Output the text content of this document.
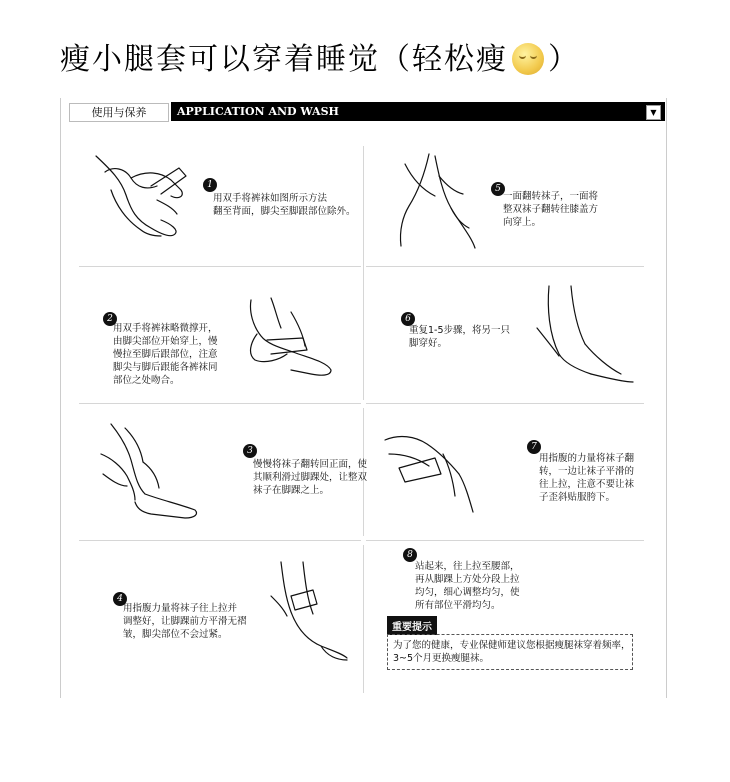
瘦小腿套可以穿着睡觉（轻松瘦 ）
使用与保养	APPLICATION AND WASH	▼
1
用双手将裤袜如图所示方法
翻至背面，脚尖至脚跟部位除外。
2
用双手将裤袜略微撑开，
由脚尖部位开始穿上，慢
慢拉至脚后跟部位，注意
脚尖与脚后跟能各裤袜同
部位之处吻合。
3
慢慢将袜子翻转回正面，使
其顺利滑过脚踝处，让整双
袜子在脚踝之上。
4
用指腹力量将袜子往上拉并
调整好，让脚踝前方平滑无褶
皱，脚尖部位不会过紧。
5
一面翻转袜子，一面将
整双袜子翻转往膝盖方
向穿上。
6
重复1-5步骤，将另一只
脚穿好。
7
用指腹的力量将袜子翻
转，一边让袜子平滑的
往上拉，注意不要让袜
子歪斜贴服胯下。
8
站起来，往上拉至腰部，
再从脚踝上方处分段上拉
均匀，细心调整均匀，使
所有部位平滑均匀。
重要提示
为了您的健康，专业保健师建议您根据瘦腿袜穿着频率，
3~5个月更换瘦腿袜。
